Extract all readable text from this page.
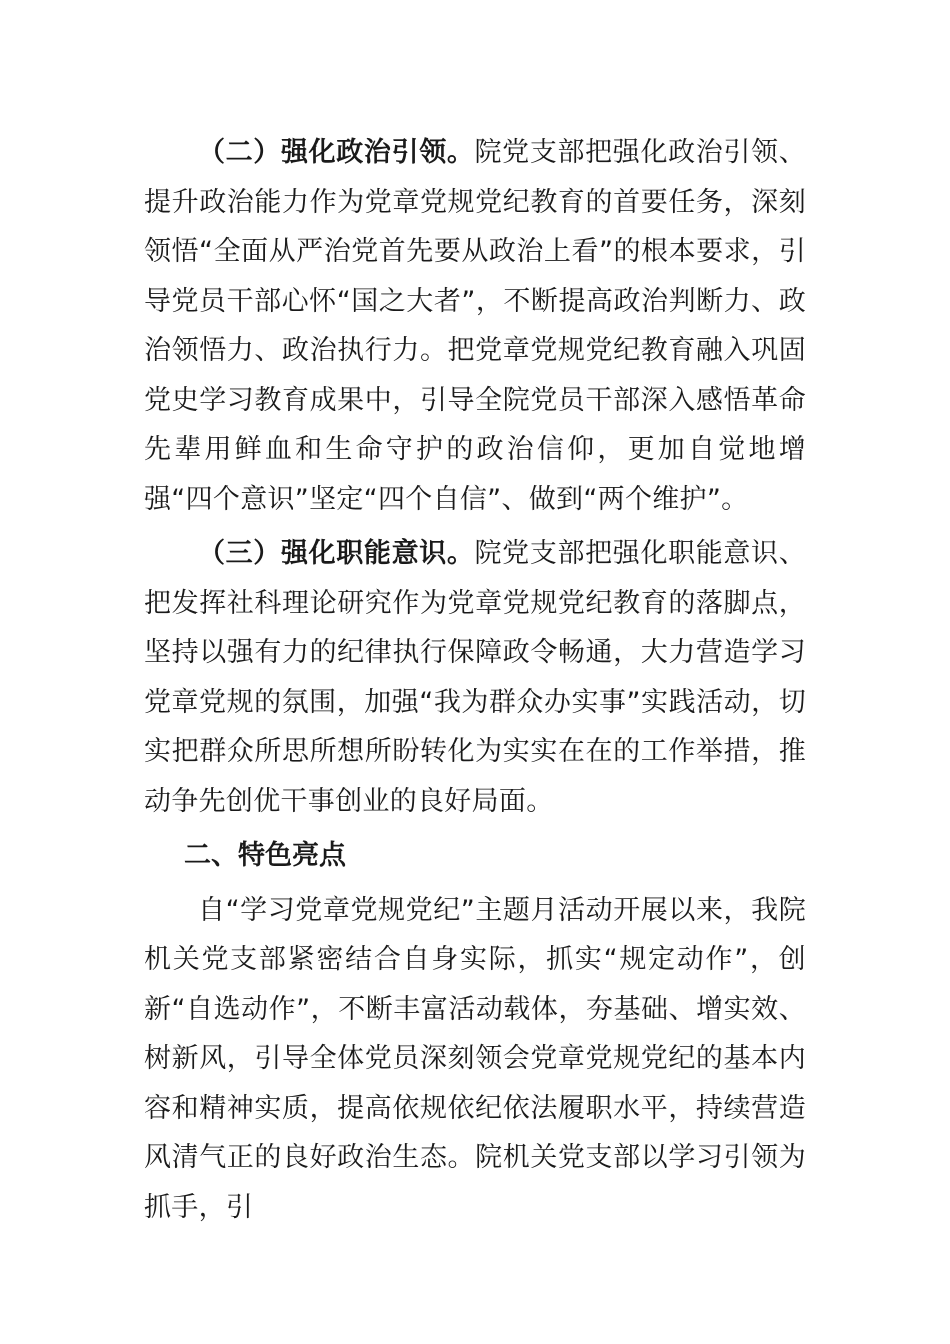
（二）强化政治引领。院党支部把强化政治引领、提升政治能力作为党章党规党纪教育的首要任务，深刻领悟“全面从严治党首先要从政治上看”的根本要求，引导党员干部心怀“国之大者”，不断提高政治判断力、政治领悟力、政治执行力。把党章党规党纪教育融入巩固党史学习教育成果中，引导全院党员干部深入感悟革命先辈用鲜血和生命守护的政治信仰，更加自觉地增强“四个意识”坚定“四个自信”、做到“两个维护”。

（三）强化职能意识。院党支部把强化职能意识、把发挥社科理论研究作为党章党规党纪教育的落脚点，坚持以强有力的纪律执行保障政令畅通，大力营造学习党章党规的氛围，加强“我为群众办实事”实践活动，切实把群众所思所想所盼转化为实实在在的工作举措，推动争先创优干事创业的良好局面。

二、特色亮点

自“学习党章党规党纪”主题月活动开展以来，我院机关党支部紧密结合自身实际，抓实“规定动作”，创新“自选动作”，不断丰富活动载体，夯基础、增实效、树新风，引导全体党员深刻领会党章党规党纪的基本内容和精神实质，提高依规依纪依法履职水平，持续营造风清气正的良好政治生态。院机关党支部以学习引领为抓手，引
